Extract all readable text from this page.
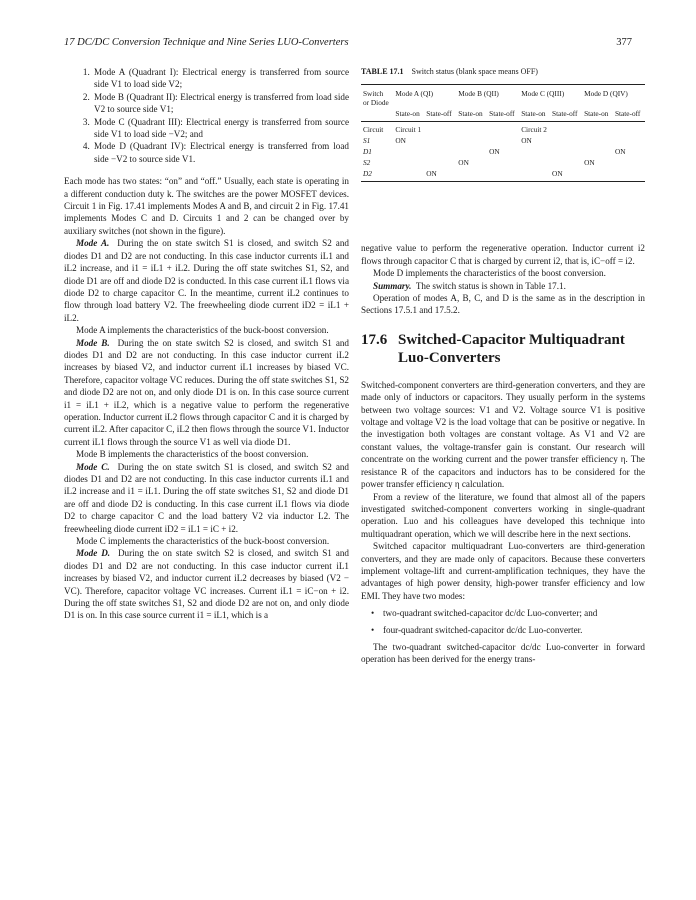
17 DC/DC Conversion Technique and Nine Series LUO-Converters	377
1. Mode A (Quadrant I): Electrical energy is transferred from source side V1 to load side V2;
2. Mode B (Quadrant II): Electrical energy is transferred from load side V2 to source side V1;
3. Mode C (Quadrant III): Electrical energy is transferred from source side V1 to load side −V2; and
4. Mode D (Quadrant IV): Electrical energy is transferred from load side −V2 to source side V1.

Each mode has two states: “on” and “off.” Usually, each state is operating in a different conduction duty k. The switches are the power MOSFET devices. Circuit 1 in Fig. 17.41 implements Modes A and B, and circuit 2 in Fig. 17.41 implements Modes C and D. Circuits 1 and 2 can be changed over by auxiliary switches (not shown in the figure).

Mode A. During the on state switch S1 is closed, and switch S2 and diodes D1 and D2 are not conducting. In this case inductor currents iL1 and iL2 increase, and i1 = iL1 + iL2. During the off state switches S1, S2, and diode D1 are off and diode D2 is conducted. In this case current iL1 flows via diode D2 to charge capacitor C. In the meantime, current iL2 continues to flow through load battery V2. The freewheeling diode current iD2 = iL1 + iL2.

Mode A implements the characteristics of the buck-boost conversion.

Mode B. During the on state switch S2 is closed, and switch S1 and diodes D1 and D2 are not conducting. In this case inductor current iL2 increases by biased V2, and inductor current iL1 increases by biased VC. Therefore, capacitor voltage VC reduces. During the off state switches S1, S2 and diode D2 are not on, and only diode D1 is on. In this case source current i1 = iL1 + iL2, which is a negative value to perform the regenerative operation. Inductor current iL2 flows through capacitor C and it is charged by current iL2. After capacitor C, iL2 then flows through the source V1. Inductor current iL1 flows through the source V1 as well via diode D1.

Mode B implements the characteristics of the boost conversion.

Mode C. During the on state switch S1 is closed, and switch S2 and diodes D1 and D2 are not conducting. In this case inductor currents iL1 and iL2 increase and i1 = iL1. During the off state switches S1, S2 and diode D1 are off and diode D2 is conducting. In this case current iL1 flows via diode D2 to charge capacitor C and the load battery V2 via inductor L2. The freewheeling diode current iD2 = iL1 = iC + i2.

Mode C implements the characteristics of the buck-boost conversion.

Mode D. During the on state switch S2 is closed, and switch S1 and diodes D1 and D2 are not conducting. In this case inductor current iL1 increases by biased V2, and inductor current iL2 decreases by biased (V2 − VC). Therefore, capacitor voltage VC increases. Current iL1 = iC−on + i2. During the off state switches S1, S2 and diode D2 are not on, and only diode D1 is on. In this case source current i1 = iL1, which is a

TABLE 17.1 Switch status (blank space means OFF)
Switch
or Diode	Mode A (QI)		Mode B (QII)		Mode C (QIII)		Mode D (QIV)	
	State-on	State-off	State-on	State-off	State-on	State-off	State-on	State-off
Circuit	Circuit 1				Circuit 2			
S1	ON				ON			
D1				ON				ON
S2			ON				ON	
D2		ON				ON		

negative value to perform the regenerative operation. Inductor current i2 flows through capacitor C that is charged by current i2, that is, iC−off = i2.

Mode D implements the characteristics of the boost conversion.

Summary. The switch status is shown in Table 17.1.

Operation of modes A, B, C, and D is the same as in the description in Sections 17.5.1 and 17.5.2.

17.6 Switched-Capacitor Multiquadrant Luo-Converters

Switched-component converters are third-generation converters, and they are made only of inductors or capacitors. They usually perform in the systems between two voltage sources: V1 and V2. Voltage source V1 is positive voltage and voltage V2 is the load voltage that can be positive or negative. In the investigation both voltages are constant voltage. As V1 and V2 are constant values, the voltage-transfer gain is constant. Our research will concentrate on the working current and the power transfer efficiency η. The resistance R of the capacitors and inductors has to be considered for the power transfer efficiency η calculation.

From a review of the literature, we found that almost all of the papers investigated switched-component converters working in single-quadrant operation. Luo and his colleagues have developed this technique into multiquadrant operation, which we will describe here in the next sections.

Switched capacitor multiquadrant Luo-converters are third-generation converters, and they are made only of capacitors. Because these converters implement voltage-lift and current-amplification techniques, they have the advantages of high power density, high-power transfer efficiency and low EMI. They have two modes:

• two-quadrant switched-capacitor dc/dc Luo-converter; and
• four-quadrant switched-capacitor dc/dc Luo-converter.

The two-quadrant switched-capacitor dc/dc Luo-converter in forward operation has been derived for the energy trans-
